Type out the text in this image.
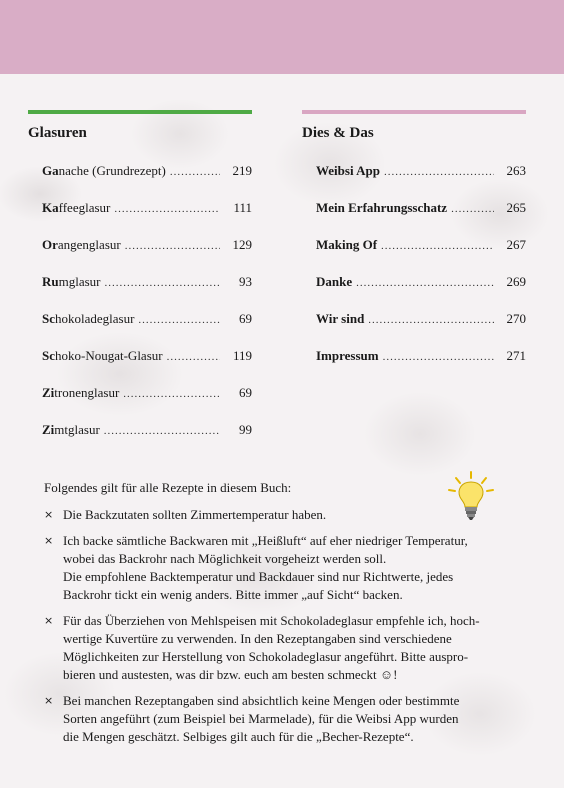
Glasuren
Ganache (Grundrezept) .....	219
Kaffeeglasur .....	111
Orangenglasur .....	129
Rumglasur .....	93
Schokoladeglasur .....	69
Schoko-Nougat-Glasur .....	119
Zitronenglasur .....	69
Zimtglasur .....	99
Dies & Das
Weibsi App .....	263
Mein Erfahrungsschatz .....	265
Making Of .....	267
Danke .....	269
Wir sind .....	270
Impressum .....	271

Folgendes gilt für alle Rezepte in diesem Buch:

× Die Backzutaten sollten Zimmertemperatur haben.
× Ich backe sämtliche Backwaren mit „Heißluft“ auf eher niedriger Temperatur,
wobei das Backrohr nach Möglichkeit vorgeheizt werden soll.
Die empfohlene Backtemperatur und Backdauer sind nur Richtwerte, jedes
Backrohr tickt ein wenig anders. Bitte immer „auf Sicht“ backen.
× Für das Überziehen von Mehlspeisen mit Schokoladeglasur empfehle ich, hoch-
wertige Kuvertüre zu verwenden. In den Rezeptangaben sind verschiedene
Möglichkeiten zur Herstellung von Schokoladeglasur angeführt. Bitte auspro-
bieren und austesten, was dir bzw. euch am besten schmeckt ☺!
× Bei manchen Rezeptangaben sind absichtlich keine Mengen oder bestimmte
Sorten angeführt (zum Beispiel bei Marmelade), für die Weibsi App wurden
die Mengen geschätzt. Selbiges gilt auch für die „Becher-Rezepte“.
